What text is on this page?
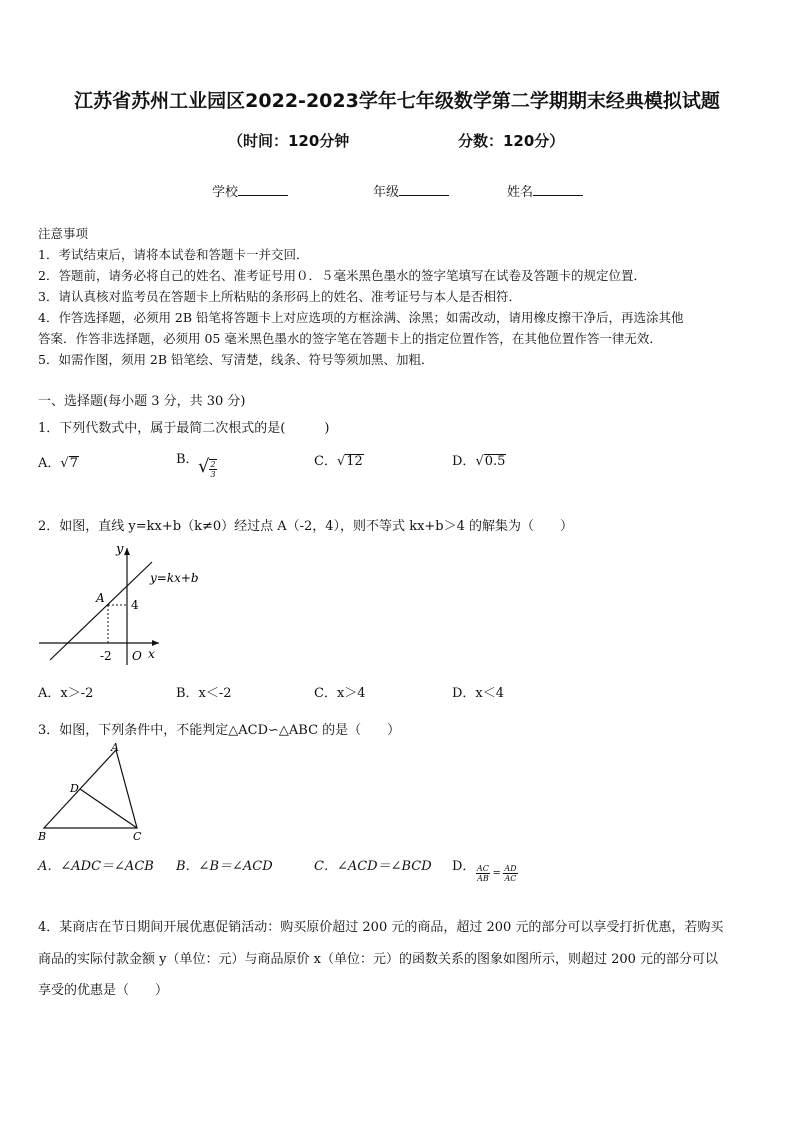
江苏省苏州工业园区2022-2023学年七年级数学第二学期期末经典模拟试题
（时间：120分钟	分数：120分）
学校	年级	姓名
注意事项
1．考试结束后，请将本试卷和答题卡一并交回．
2．答题前，请务必将自己的姓名、准考证号用０．５毫米黑色墨水的签字笔填写在试卷及答题卡的规定位置．
3．请认真核对监考员在答题卡上所粘贴的条形码上的姓名、准考证号与本人是否相符．
4．作答选择题，必须用 2B 铅笔将答题卡上对应选项的方框涂满、涂黑；如需改动，请用橡皮擦干净后，再选涂其他
答案．作答非选择题，必须用 05 毫米黑色墨水的签字笔在答题卡上的指定位置作答，在其他位置作答一律无效．
5．如需作图，须用 2B 铅笔绘、写清楚，线条、符号等须加黑、加粗．
一、选择题(每小题 3 分，共 30 分)
1．下列代数式中，属于最简二次根式的是(　　　)
A．√7	B． √ $\frac{2}{3}$	C．√12	D．√0.5
2．如图，直线 y=kx+b（k≠0）经过点 A（-2，4），则不等式 kx+b＞4 的解集为（　　）
y
x
O
y=kx+b
A 4
-2
A．x＞-2	B．x＜-2	C．x＞4	D．x＜4
3．如图，下列条件中，不能判定△ACD∽△ABC 的是（　　）
A
B	C
D
A．∠ADC＝∠ACB B．∠B＝∠ACD	C．∠ACD＝∠BCD D． $\frac{AC}{AB} = \frac{AD}{AC}$
4．某商店在节日期间开展优惠促销活动：购买原价超过 200 元的商品，超过 200 元的部分可以享受打折优惠，若购买
商品的实际付款金额 y（单位：元）与商品原价 x（单位：元）的函数关系的图象如图所示，则超过 200 元的部分可以
享受的优惠是（　　）
